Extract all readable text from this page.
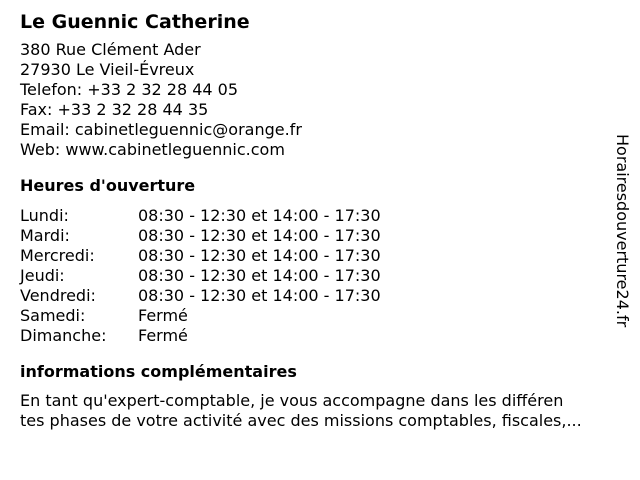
Le Guennic Catherine
380 Rue Clément Ader
27930 Le Vieil-Évreux
Telefon: +33 2 32 28 44 05
Fax: +33 2 32 28 44 35
Email: cabinetleguennic@orange.fr
Web: www.cabinetleguennic.com
Heures d'ouverture
Lundi:	08:30 - 12:30 et 14:00 - 17:30
Mardi:	08:30 - 12:30 et 14:00 - 17:30
Mercredi:	08:30 - 12:30 et 14:00 - 17:30
Jeudi:	08:30 - 12:30 et 14:00 - 17:30
Vendredi:	08:30 - 12:30 et 14:00 - 17:30
Samedi:	Fermé
Dimanche:	Fermé
informations complémentaires
En tant qu'expert-comptable, je vous accompagne dans les différen
tes phases de votre activité avec des missions comptables, fiscales,...
Horairesdouverture24.fr
